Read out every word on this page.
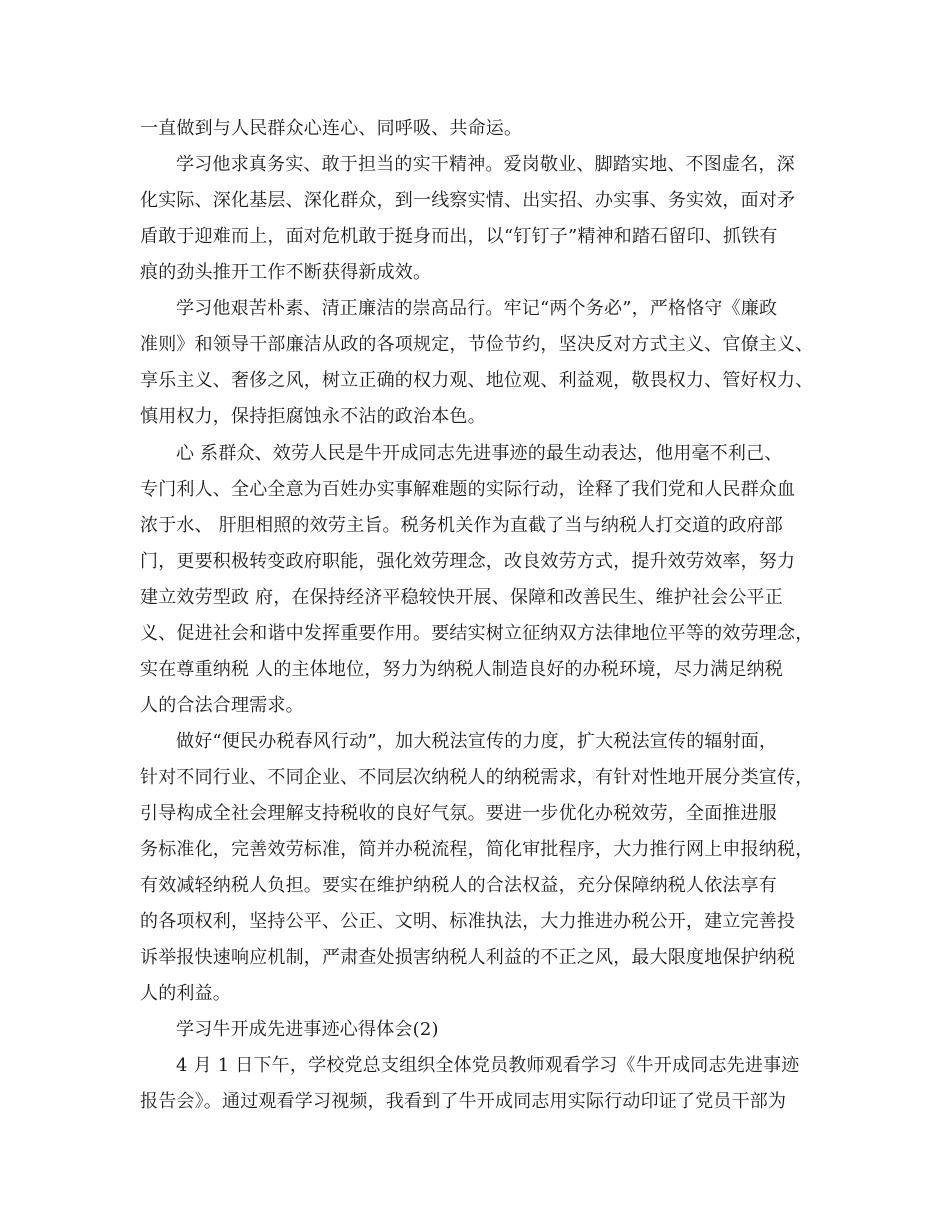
一直做到与人民群众心连心、同呼吸、共命运。
学习他求真务实、敢于担当的实干精神。爱岗敬业、脚踏实地、不图虚名，深
化实际、深化基层、深化群众，到一线察实情、出实招、办实事、务实效，面对矛
盾敢于迎难而上，面对危机敢于挺身而出，以“钉钉子”精神和踏石留印、抓铁有
痕的劲头推开工作不断获得新成效。
学习他艰苦朴素、清正廉洁的崇高品行。牢记“两个务必”，严格恪守《廉政
准则》和领导干部廉洁从政的各项规定，节俭节约，坚决反对方式主义、官僚主义、
享乐主义、奢侈之风，树立正确的权力观、地位观、利益观，敬畏权力、管好权力、
慎用权力，保持拒腐蚀永不沾的政治本色。
心 系群众、效劳人民是牛开成同志先进事迹的最生动表达，他用毫不利己、
专门利人、全心全意为百姓办实事解难题的实际行动，诠释了我们党和人民群众血
浓于水、 肝胆相照的效劳主旨。税务机关作为直截了当与纳税人打交道的政府部
门，更要积极转变政府职能，强化效劳理念，改良效劳方式，提升效劳效率，努力
建立效劳型政 府，在保持经济平稳较快开展、保障和改善民生、维护社会公平正
义、促进社会和谐中发挥重要作用。要结实树立征纳双方法律地位平等的效劳理念，
实在尊重纳税 人的主体地位，努力为纳税人制造良好的办税环境，尽力满足纳税
人的合法合理需求。
做好“便民办税春风行动”，加大税法宣传的力度，扩大税法宣传的辐射面，
针对不同行业、不同企业、不同层次纳税人的纳税需求，有针对性地开展分类宣传，
引导构成全社会理解支持税收的良好气氛。要进一步优化办税效劳，全面推进服
务标准化，完善效劳标准，简并办税流程，简化审批程序，大力推行网上申报纳税，
有效减轻纳税人负担。要实在维护纳税人的合法权益，充分保障纳税人依法享有
的各项权利，坚持公平、公正、文明、标准执法，大力推进办税公开，建立完善投
诉举报快速响应机制，严肃查处损害纳税人利益的不正之风，最大限度地保护纳税
人的利益。
学习牛开成先进事迹心得体会(2)
4 月 1 日下午，学校党总支组织全体党员教师观看学习《牛开成同志先进事迹
报告会》。通过观看学习视频，我看到了牛开成同志用实际行动印证了党员干部为
